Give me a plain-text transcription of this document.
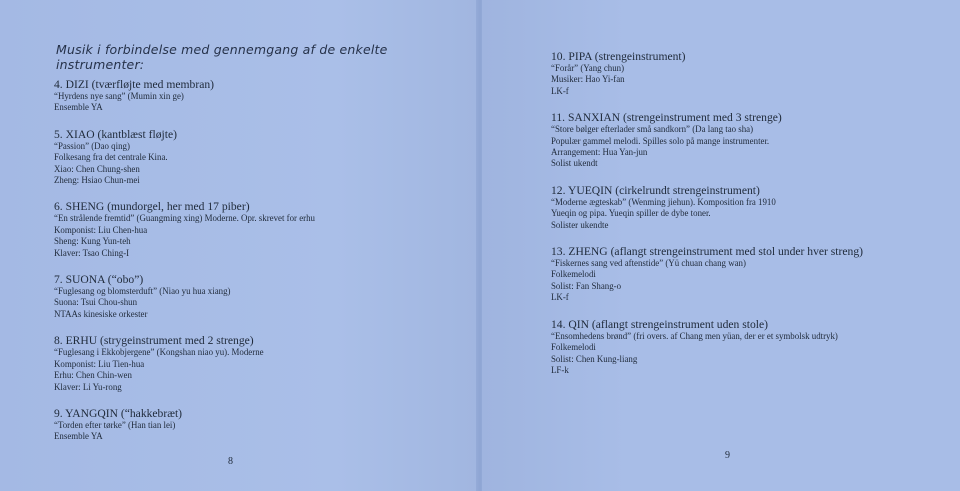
Musik i forbindelse med gennemgang af de enkelte instrumenter:
4. DIZI (tværfløjte med membran)
“Hyrdens nye sang” (Mumin xin ge)
Ensemble YA
5. XIAO (kantblæst fløjte)
“Passion” (Dao qing)
Folkesang fra det centrale Kina.
Xiao: Chen Chung-shen
Zheng: Hsiao Chun-mei
6. SHENG (mundorgel, her med 17 piber)
“En strålende fremtid” (Guangming xing) Moderne. Opr. skrevet for erhu
Komponist: Liu Chen-hua
Sheng: Kung Yun-teh
Klaver: Tsao Ching-I
7. SUONA (“obo”)
“Fuglesang og blomsterduft” (Niao yu hua xiang)
Suona: Tsui Chou-shun
NTAAs kinesiske orkester
8. ERHU (strygeinstrument med 2 strenge)
“Fuglesang i Ekkobjergene” (Kongshan niao yu). Moderne
Komponist: Liu Tien-hua
Erhu: Chen Chin-wen
Klaver: Li Yu-rong
9. YANGQIN (“hakkebræt)
“Torden efter tørke” (Han tian lei)
Ensemble YA
8
10. PIPA (strengeinstrument)
“Forår” (Yang chun)
Musiker: Hao Yi-fan
LK-f
11. SANXIAN (strengeinstrument med 3 strenge)
“Store bølger efterlader små sandkorn” (Da lang tao sha)
Populær gammel melodi. Spilles solo på mange instrumenter.
Arrangement: Hua Yan-jun
Solist ukendt
12. YUEQIN (cirkelrundt strengeinstrument)
“Moderne ægteskab” (Wenming jiehun). Komposition fra 1910
Yueqin og pipa. Yueqin spiller de dybe toner.
Solister ukendte
13. ZHENG (aflangt strengeinstrument med stol under hver streng)
“Fiskernes sang ved aftenstide” (Yü chuan chang wan)
Folkemelodi
Solist: Fan Shang-o
LK-f
14. QIN (aflangt strengeinstrument uden stole)
“Ensomhedens brønd” (fri overs. af Chang men yüan, der er et symbolsk udtryk)
Folkemelodi
Solist: Chen Kung-liang
LF-k
9
